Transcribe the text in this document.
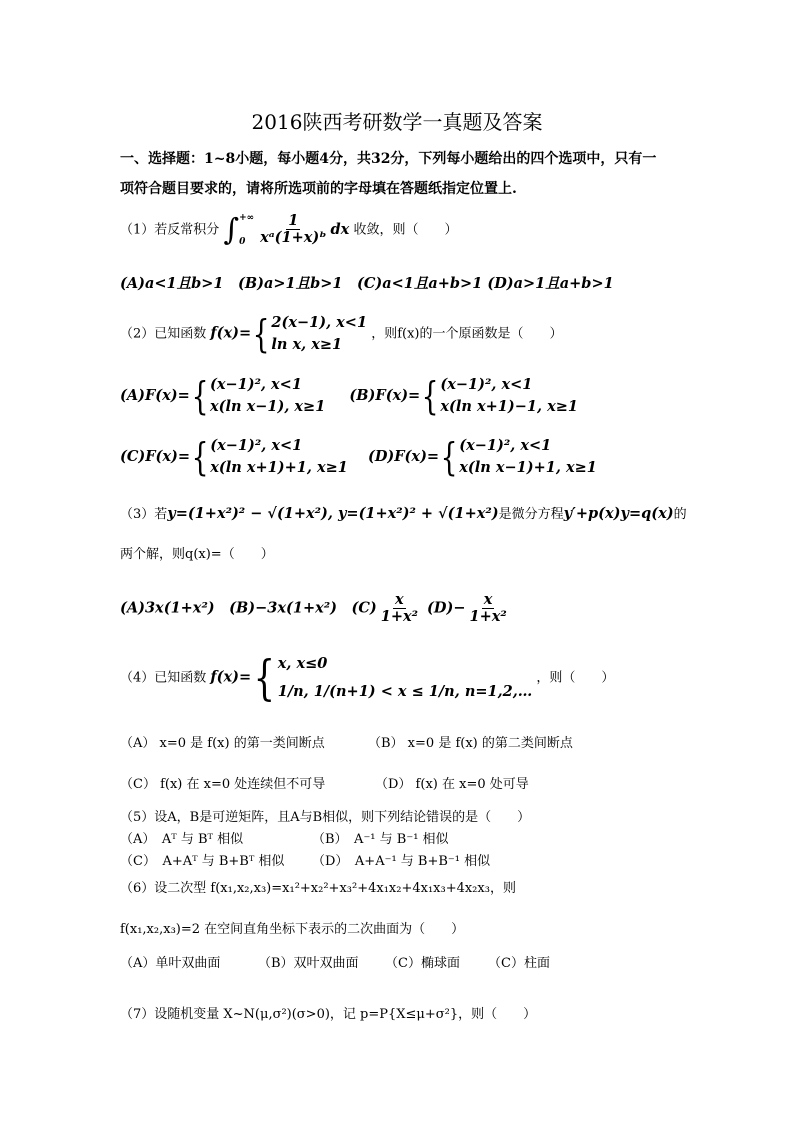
2016陕西考研数学一真题及答案
一、选择题：1~8小题，每小题4分，共32分，下列每小题给出的四个选项中，只有一
项符合题目要求的，请将所选项前的字母填在答题纸指定位置上.
（1）若反常积分 ∫ +∞
$0 \frac{1}{\text{xᵃ(1+x)ᵇ}}$ dx 收敛，则（　　）
(A)a<1且b>1　(B)a>1且b>1　(C)a<1且a+b>1 (D)a>1且a+b>1
（2）已知函数 f(x)={ 2(x−1), x<1
ln x, x≥1
，则f(x)的一个原函数是（　　）
(A)F(x)={ (x−1)², x<1
x(ln x−1), x≥1
(B)F(x)={ (x−1)², x<1
x(ln x+1)−1, x≥1
(C)F(x)={ (x−1)², x<1
x(ln x+1)+1, x≥1
(D)F(x)={ (x−1)², x<1
x(ln x−1)+1, x≥1
（3）若y=(1+x²)² − √(1+x²), y=(1+x²)² + √(1+x²)是微分方程y′+p(x)y=q(x)的
两个解，则q(x)=（　　）
(A)3x(1+x²)　(B)−3x(1+x²)　$(C) \frac{x}{\text{1+x²}} (D)- \frac{x}{\text{1+x²}}$
（4）已知函数 f(x)={ x, x≤0
1/n, 1/(n+1) < x ≤ 1/n, n=1,2,…
，则（　　）
（A） x=0 是 f(x) 的第一类间断点	（B） x=0 是 f(x) 的第二类间断点
（C） f(x) 在 x=0 处连续但不可导	（D） f(x) 在 x=0 处可导
（5）设A，B是可逆矩阵，且A与B相似，则下列结论错误的是（　　）
（A）　Aᵀ 与 Bᵀ 相似	（B）　A⁻¹ 与 B⁻¹ 相似
（C）　A+Aᵀ 与 B+Bᵀ 相似 （D）　A+A⁻¹ 与 B+B⁻¹ 相似
（6）设二次型 f(x₁,x₂,x₃)=x₁²+x₂²+x₃²+4x₁x₂+4x₁x₃+4x₂x₃，则
f(x₁,x₂,x₃)=2 在空间直角坐标下表示的二次曲面为（　　）
（A）单叶双曲面	（B）双叶双曲面 （C）椭球面 （C）柱面
（7）设随机变量 X~N(μ,σ²)(σ>0)，记 p=P{X≤μ+σ²}，则（　　）
